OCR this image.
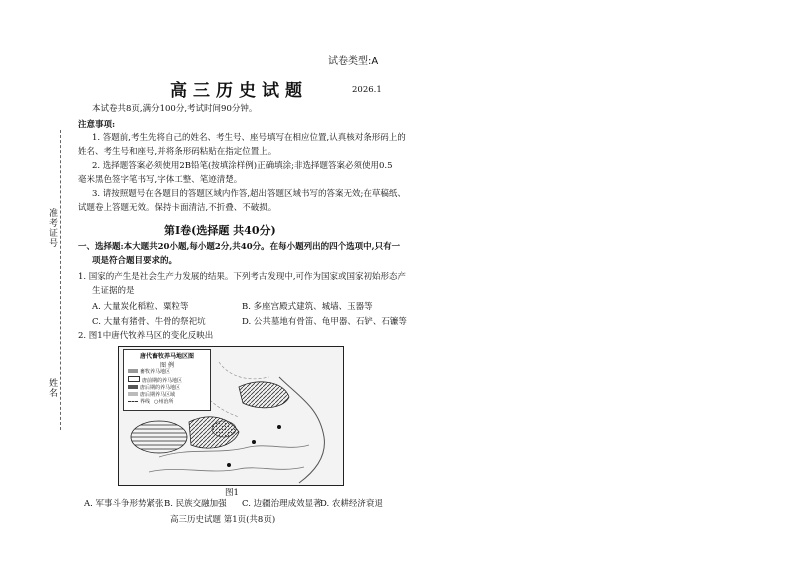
试卷类型:A
高三历史试题	2026.1
准考证号
姓名
本试卷共8页,满分100分,考试时间90分钟。
注意事项:
1. 答题前,考生先将自己的姓名、考生号、座号填写在相应位置,认真核对条形码上的
姓名、考生号和座号,并将条形码粘贴在指定位置上。
2. 选择题答案必须使用2B铅笔(按填涂样例)正确填涂;非选择题答案必须使用0.5
毫米黑色签字笔书写,字体工整、笔迹清楚。
3. 请按照题号在各题目的答题区域内作答,超出答题区域书写的答案无效;在草稿纸、
试题卷上答题无效。保持卡面清洁,不折叠、不破损。
第Ⅰ卷(选择题 共40分)
一、选择题:本大题共20小题,每小题2分,共40分。在每小题列出的四个选项中,只有一
项是符合题目要求的。
1. 国家的产生是社会生产力发展的结果。下列考古发现中,可作为国家或国家初始形态产
生证据的是
A. 大量炭化稻粒、粟粒等	B. 多座宫殿式建筑、城墙、玉器等
C. 大量有猪骨、牛骨的祭祀坑	D. 公共墓地有骨笛、龟甲器、石铲、石镰等
2. 图1中唐代牧养马区的变化反映出
唐代畜牧养马地区图
图 例
畜牧养马地区
唐前期的养马地区
唐后期的养马地区
唐后期养马区域
界线 ○州治所
图1
A. 军事斗争形势紧张 B. 民族交融加强 C. 边疆治理成效显著
D. 农耕经济衰退
高三历史试题 第1页(共8页)
